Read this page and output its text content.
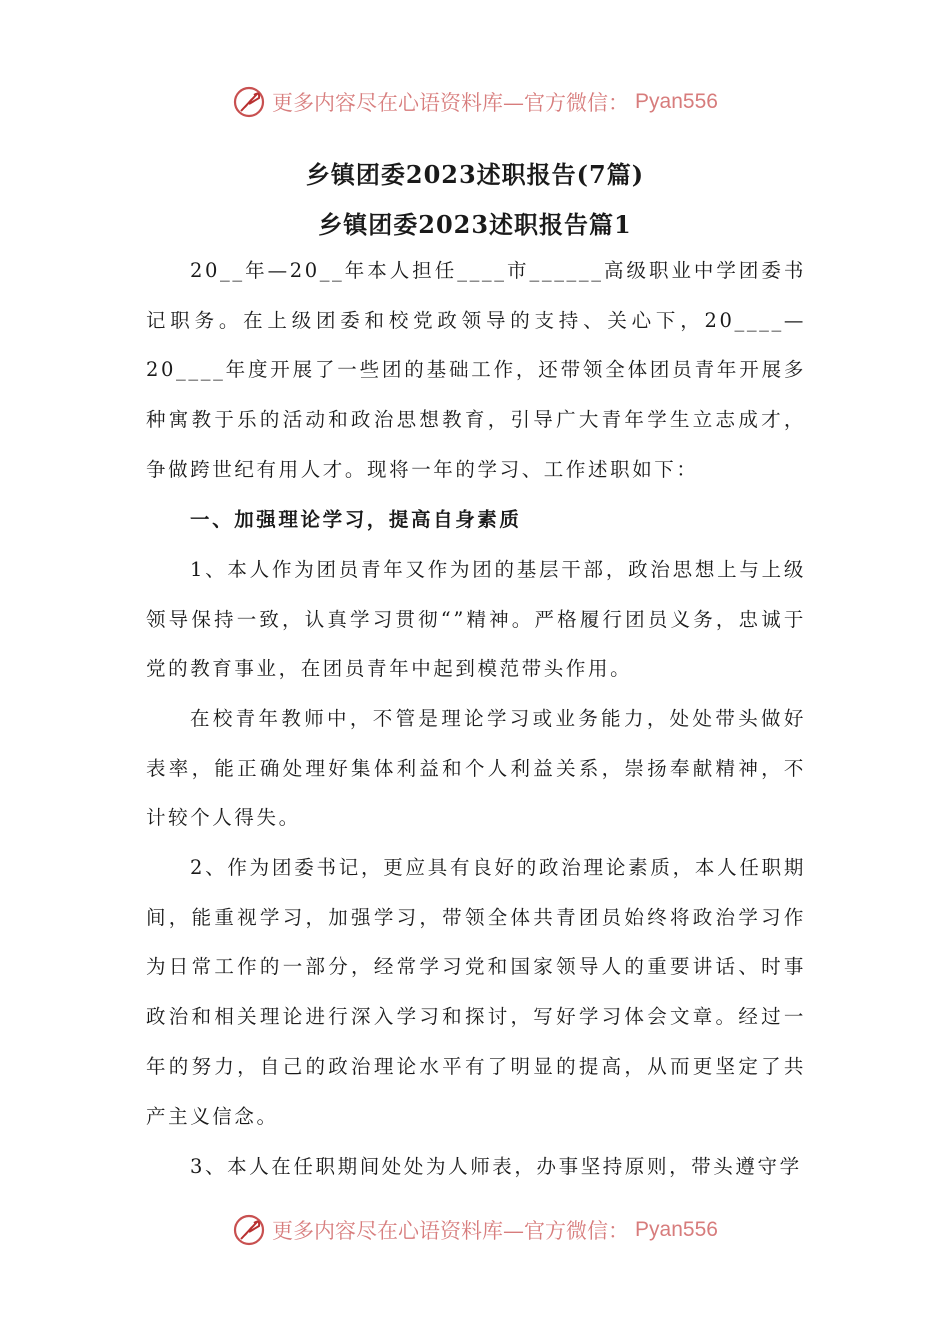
更多内容尽在心语资料库—官方微信： Pyan556
乡镇团委2023述职报告(7篇)
乡镇团委2023述职报告篇1

20__年—20__年本人担任____市______高级职业中学团委书记职务。在上级团委和校党政领导的支持、关心下，20____—20____年度开展了一些团的基础工作，还带领全体团员青年开展多种寓教于乐的活动和政治思想教育，引导广大青年学生立志成才，争做跨世纪有用人才。现将一年的学习、工作述职如下：

一、加强理论学习，提高自身素质

1、本人作为团员青年又作为团的基层干部，政治思想上与上级领导保持一致，认真学习贯彻“”精神。严格履行团员义务，忠诚于党的教育事业，在团员青年中起到模范带头作用。

在校青年教师中，不管是理论学习或业务能力，处处带头做好表率，能正确处理好集体利益和个人利益关系，崇扬奉献精神，不计较个人得失。

2、作为团委书记，更应具有良好的政治理论素质，本人任职期间，能重视学习，加强学习，带领全体共青团员始终将政治学习作为日常工作的一部分，经常学习党和国家领导人的重要讲话、时事政治和相关理论进行深入学习和探讨，写好学习体会文章。经过一年的努力，自己的政治理论水平有了明显的提高，从而更坚定了共产主义信念。

3、本人在任职期间处处为人师表，办事坚持原则，带头遵守学

更多内容尽在心语资料库—官方微信： Pyan556
